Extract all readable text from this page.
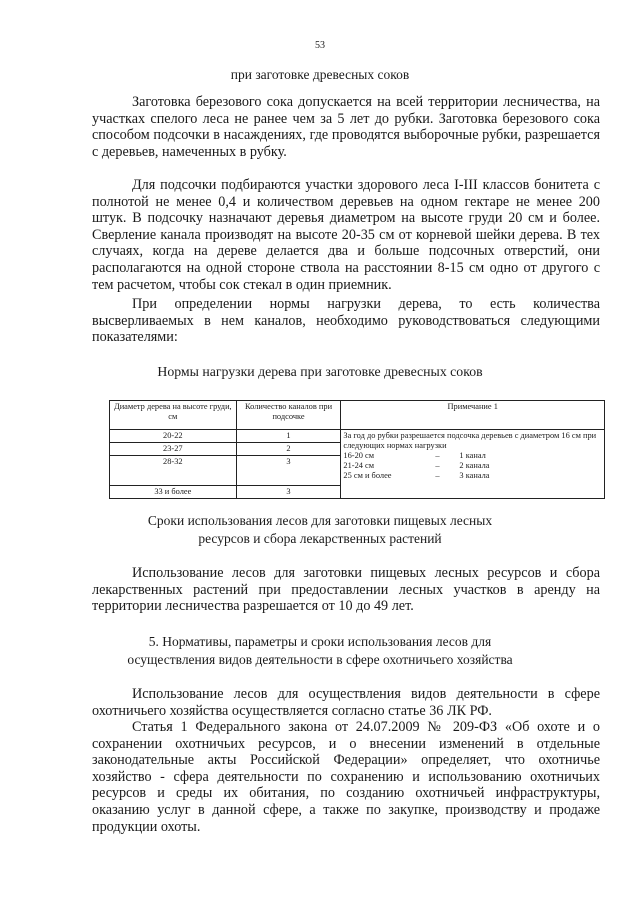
53
при заготовке древесных соков

Заготовка березового сока допускается на всей территории лесничества, на участках спелого леса не ранее чем за 5 лет до рубки. Заготовка березового сока способом подсочки в насаждениях, где проводятся выборочные рубки, разрешается с деревьев, намеченных в рубку.

Для подсочки подбираются участки здорового леса I-III классов бонитета с полнотой не менее 0,4 и количеством деревьев на одном гектаре не менее 200 штук. В подсочку назначают деревья диаметром на высоте груди 20 см и более. Сверление канала производят на высоте 20-35 см от корневой шейки дерева. В тех случаях, когда на дереве делается два и больше подсочных отверстий, они располагаются на одной стороне ствола на расстоянии 8-15 см одно от другого с тем расчетом, чтобы сок стекал в один приемник.

При определении нормы нагрузки дерева, то есть количества высверливаемых в нем каналов, необходимо руководствоваться следующими показателями:

Нормы нагрузки дерева при заготовке древесных соков
Диаметр дерева на высоте груди, см	Количество каналов при подсочке	Примечание 1
20-22	1	За год до рубки разрешается подсочка деревьев с диаметром 16 см при следующих нормах нагрузки
16-20 см – 1 канал
21-24 см – 2 канала
25 см и более – 3 канала

23-27	2	
28-32	3	
33 и более	3	
Сроки использования лесов для заготовки пищевых лесных
ресурсов и сбора лекарственных растений

Использование лесов для заготовки пищевых лесных ресурсов и сбора лекарственных растений при предоставлении лесных участков в аренду на территории лесничества разрешается от 10 до 49 лет.

5. Нормативы, параметры и сроки использования лесов для
осуществления видов деятельности в сфере охотничьего хозяйства

Использование лесов для осуществления видов деятельности в сфере охотничьего хозяйства осуществляется согласно статье 36 ЛК РФ.

Статья 1 Федерального закона от 24.07.2009 № 209-ФЗ «Об охоте и о сохранении охотничьих ресурсов, и о внесении изменений в отдельные законодательные акты Российской Федерации» определяет, что охотничье хозяйство - сфера деятельности по сохранению и использованию охотничьих ресурсов и среды их обитания, по созданию охотничьей инфраструктуры, оказанию услуг в данной сфере, а также по закупке, производству и продаже продукции охоты.
